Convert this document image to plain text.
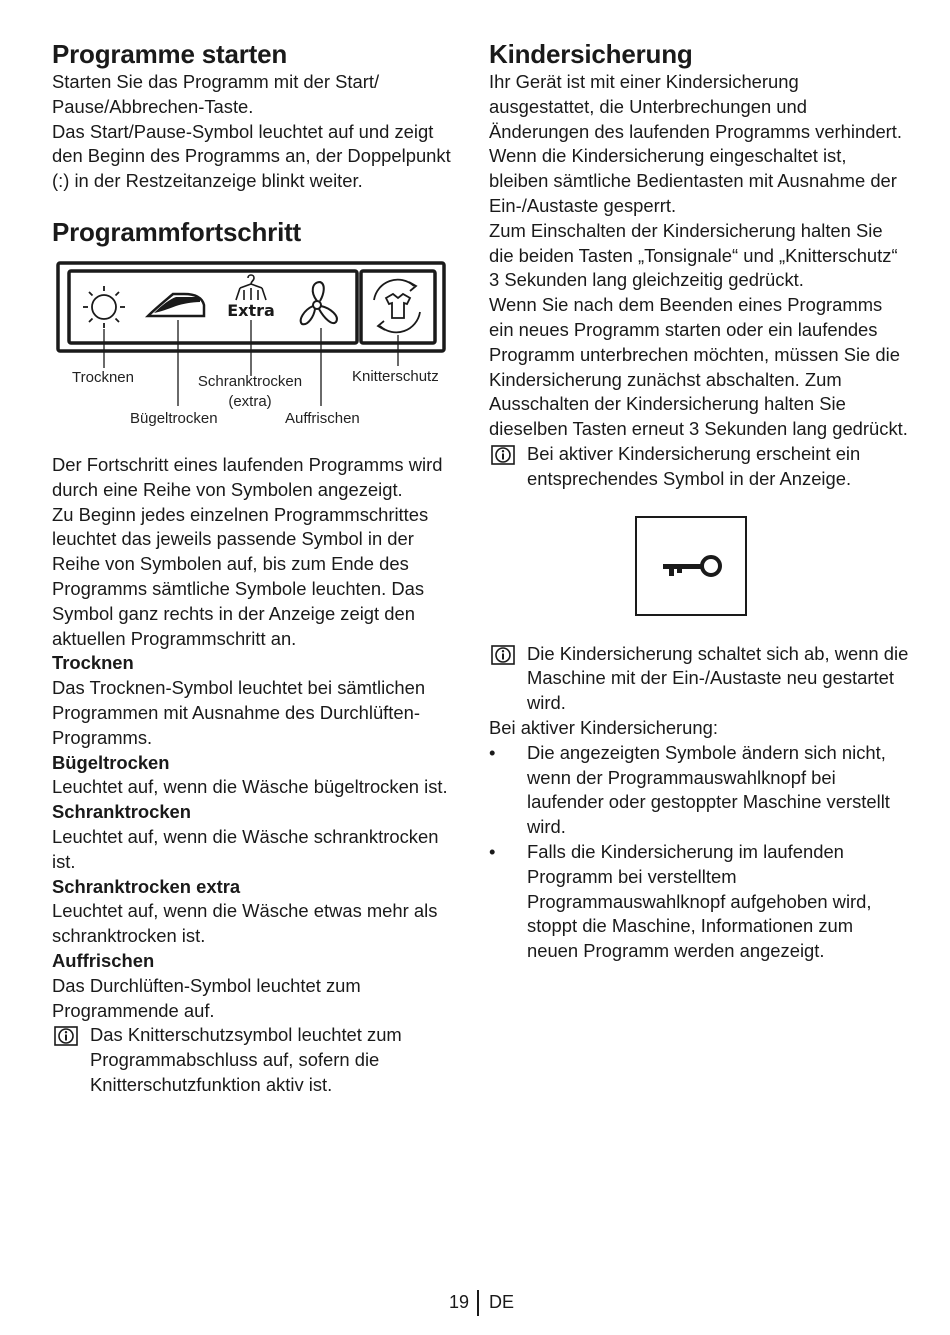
Programme starten

Starten Sie das Programm mit der Start/ Pause/Abbrechen-Taste.

Das Start/Pause-Symbol leuchtet auf und zeigt den Beginn des Programms an, der Doppelpunkt (:) in der Restzeitanzeige blinkt weiter.

Programmfortschritt
Extra
Trocknen	Schranktrocken
(extra)
Knitterschutz
Bügeltrocken	Auffrischen

Der Fortschritt eines laufenden Programms wird durch eine Reihe von Symbolen angezeigt.

Zu Beginn jedes einzelnen Programmschrittes leuchtet das jeweils passende Symbol in der Reihe von Symbolen auf, bis zum Ende des Programms sämtliche Symbole leuchten. Das Symbol ganz rechts in der Anzeige zeigt den aktuellen Programmschritt an.

Trocknen

Das Trocknen-Symbol leuchtet bei sämtlichen Programmen mit Ausnahme des Durchlüften-Programms.

Bügeltrocken

Leuchtet auf, wenn die Wäsche bügeltrocken ist.

Schranktrocken

Leuchtet auf, wenn die Wäsche schranktrocken ist.

Schranktrocken extra

Leuchtet auf, wenn die Wäsche etwas mehr als schranktrocken ist.

Auffrischen

Das Durchlüften-Symbol leuchtet zum Programmende auf.

Das Knitterschutzsymbol leuchtet zum Programmabschluss auf, sofern die Knitterschutzfunktion aktiv ist.
Kindersicherung

Ihr Gerät ist mit einer Kindersicherung ausgestattet, die Unterbrechungen und Änderungen des laufenden Programms verhindert. Wenn die Kindersicherung eingeschaltet ist, bleiben sämtliche Bedientasten mit Ausnahme der Ein-/Austaste gesperrt.

Zum Einschalten der Kindersicherung halten Sie die beiden Tasten „Tonsignale“ und „Knitterschutz“ 3 Sekunden lang gleichzeitig gedrückt.

Wenn Sie nach dem Beenden eines Programms ein neues Programm starten oder ein laufendes Programm unterbrechen möchten, müssen Sie die Kindersicherung zunächst abschalten. Zum Ausschalten der Kindersicherung halten Sie dieselben Tasten erneut 3 Sekunden lang gedrückt.

Bei aktiver Kindersicherung erscheint ein entsprechendes Symbol in der Anzeige.
Die Kindersicherung schaltet sich ab, wenn die Maschine mit der Ein-/Austaste neu gestartet wird.

Bei aktiver Kindersicherung:

•	Die angezeigten Symbole ändern sich nicht, wenn der Programmauswahlknopf bei laufender oder gestoppter Maschine verstellt wird.
•	Falls die Kindersicherung im laufenden Programm bei verstelltem Programmauswahlknopf aufgehoben wird, stoppt die Maschine, Informationen zum neuen Programm werden angezeigt.
19 DE
